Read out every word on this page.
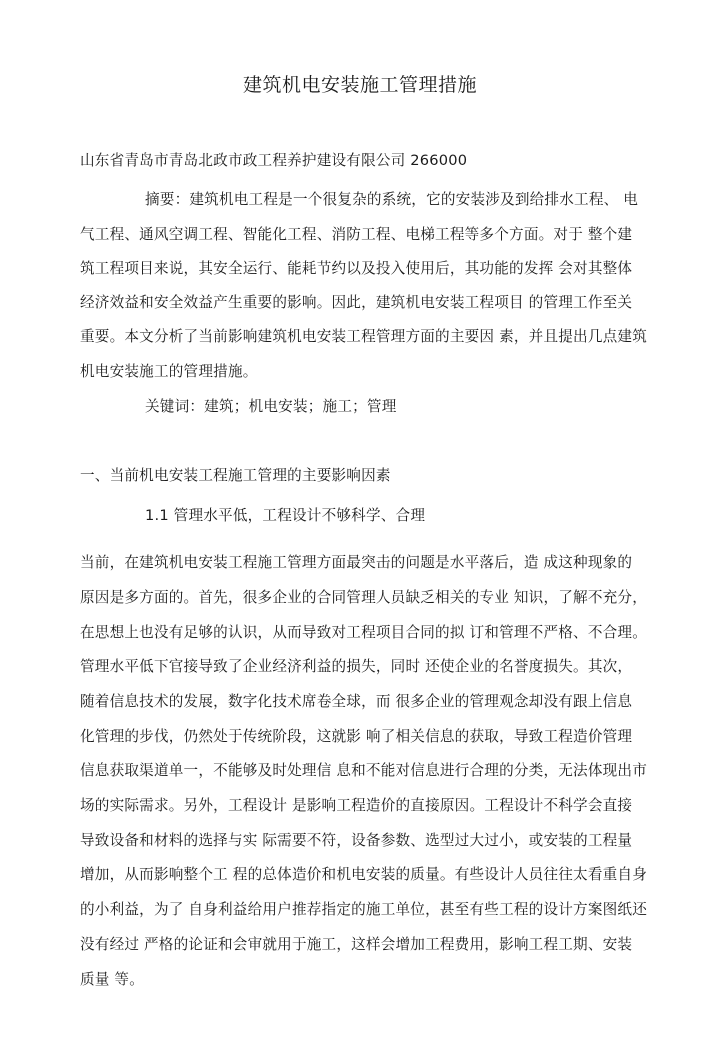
建筑机电安装施工管理措施
山东省青岛市青岛北政市政工程养护建设有限公司 266000
摘要：建筑机电工程是一个很复杂的系统，它的安装涉及到给排水工程、 电
气工程、通风空调工程、智能化工程、消防工程、电梯工程等多个方面。对于 整个建
筑工程项目来说，其安全运行、能耗节约以及投入使用后，其功能的发挥 会对其整体
经济效益和安全效益产生重要的影响。因此，建筑机电安装工程项目 的管理工作至关
重要。本文分析了当前影响建筑机电安装工程管理方面的主要因 素，并且提出几点建筑
机电安装施工的管理措施。
关键词：建筑；机电安装；施工；管理
一、当前机电安装工程施工管理的主要影响因素
1.1 管理水平低，工程设计不够科学、合理
当前，在建筑机电安装工程施工管理方面最突击的问题是水平落后，造 成这种现象的
原因是多方面的。首先，很多企业的合同管理人员缺乏相关的专业 知识，了解不充分，
在思想上也没有足够的认识，从而导致对工程项目合同的拟 订和管理不严格、不合理。
管理水平低下官接导致了企业经济利益的损失，同时 还使企业的名誉度损失。其次，
随着信息技术的发展，数字化技术席卷全球，而 很多企业的管理观念却没有跟上信息
化管理的步伐，仍然处于传统阶段，这就影 响了相关信息的获取，导致工程造价管理
信息获取渠道单一，不能够及时处理信 息和不能对信息进行合理的分类，无法体现出市
场的实际需求。另外，工程设计 是影响工程造价的直接原因。工程设计不科学会直接
导致设备和材料的选择与实 际需要不符，设备参数、选型过大过小，或安装的工程量
增加，从而影响整个工 程的总体造价和机电安装的质量。有些设计人员往往太看重自身
的小利益，为了 自身利益给用户推荐指定的施工单位，甚至有些工程的设计方案图纸还
没有经过 严格的论证和会审就用于施工，这样会增加工程费用，影响工程工期、安装
质量 等。
